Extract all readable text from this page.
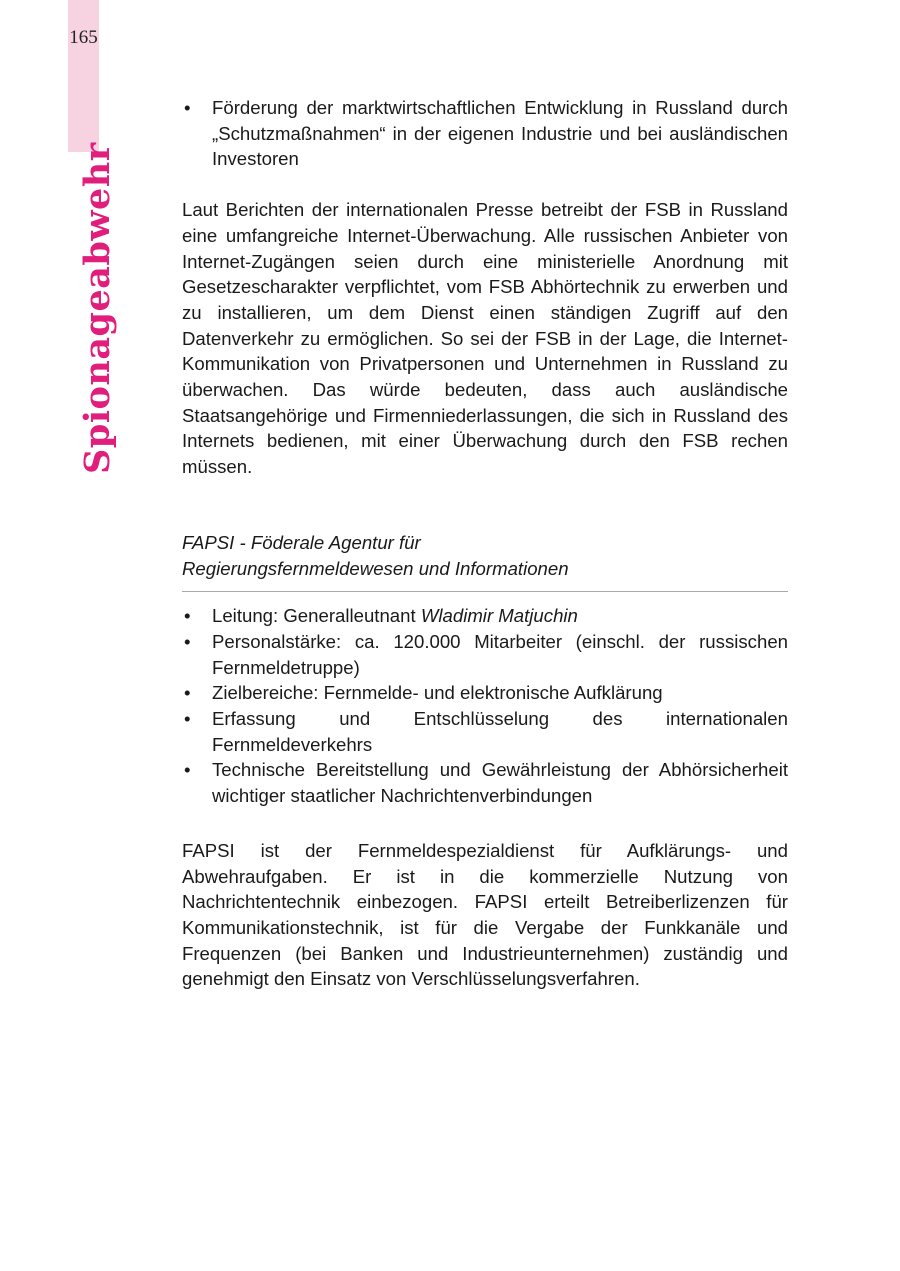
165
Spionageabwehr
• Förderung der marktwirtschaftlichen Entwicklung in Russland durch „Schutzmaßnahmen“ in der eigenen Industrie und bei ausländischen Investoren

Laut Berichten der internationalen Presse betreibt der FSB in Russland eine umfangreiche Internet-Überwachung. Alle russischen Anbieter von Internet-Zugängen seien durch eine ministerielle Anordnung mit Gesetzescharakter verpflichtet, vom FSB Abhörtechnik zu erwerben und zu installieren, um dem Dienst einen ständigen Zugriff auf den Datenverkehr zu ermöglichen. So sei der FSB in der Lage, die Internet-Kommunikation von Privatpersonen und Unternehmen in Russland zu überwachen. Das würde bedeuten, dass auch ausländische Staatsangehörige und Firmenniederlassungen, die sich in Russland des Internets bedienen, mit einer Überwachung durch den FSB rechen müssen.

FAPSI - Föderale Agentur für
Regierungsfernmeldewesen und Informationen
• Leitung: Generalleutnant Wladimir Matjuchin
• Personalstärke: ca. 120.000 Mitarbeiter (einschl. der russischen Fernmeldetruppe)
• Zielbereiche: Fernmelde- und elektronische Aufklärung
• Erfassung und Entschlüsselung des internationalen Fernmeldeverkehrs
• Technische Bereitstellung und Gewährleistung der Abhörsicherheit wichtiger staatlicher Nachrichtenverbindungen

FAPSI ist der Fernmeldespezialdienst für Aufklärungs- und Abwehraufgaben. Er ist in die kommerzielle Nutzung von Nachrichtentechnik einbezogen. FAPSI erteilt Betreiberlizenzen für Kommunikationstechnik, ist für die Vergabe der Funkkanäle und Frequenzen (bei Banken und Industrieunternehmen) zuständig und genehmigt den Einsatz von Verschlüsselungsverfahren.
